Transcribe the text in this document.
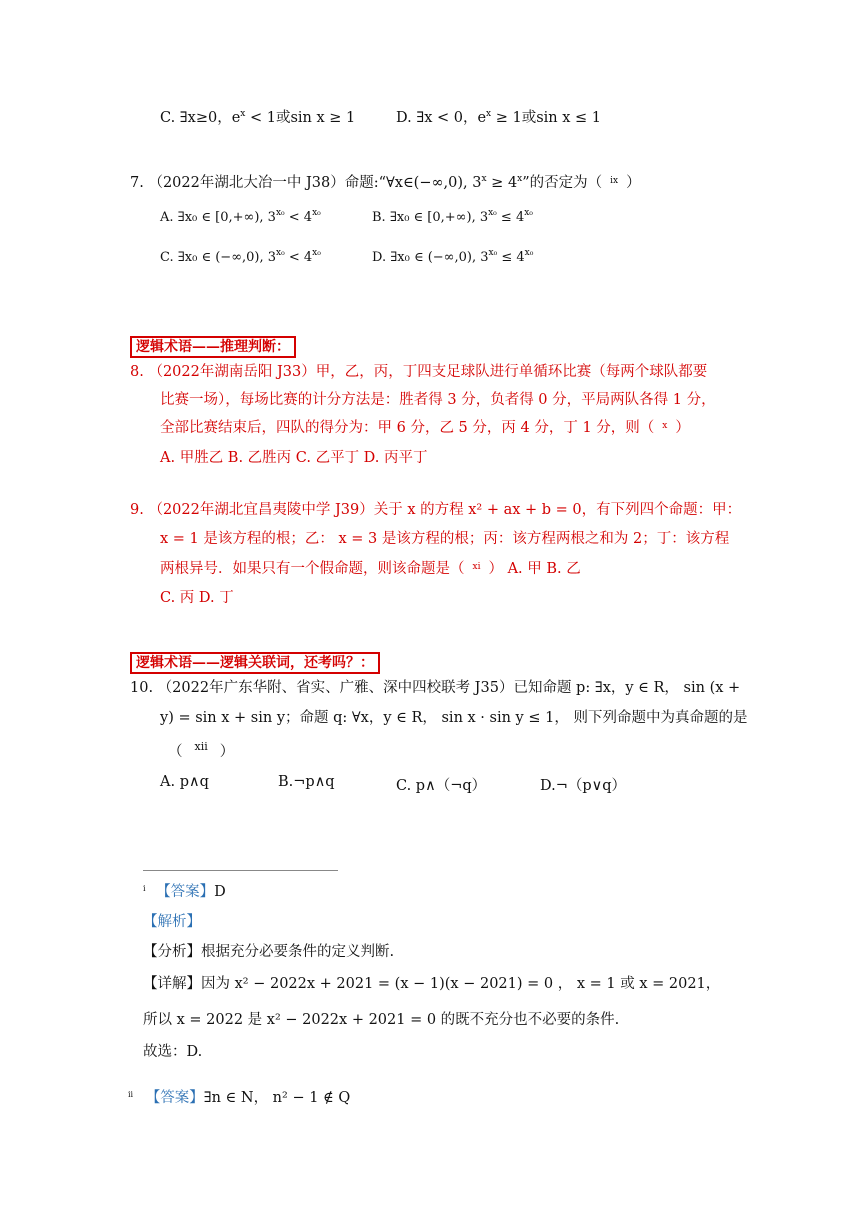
C. ∃x≥0，$e^x < 1$或sin x ≥ 1	D. ∃x < 0，$e^x \ge 1$或sin x ≤ 1
7. （2022年湖北大冶一中 J38）命题:“∀x∈(−∞,0), $3^x \ge 4^x$”的否定为（ $^{ix}$ ）
A. ∃x₀ ∈ [0,+∞), $3^{x_0} < 4^{x_0}$	B. ∃x₀ ∈ [0,+∞), $3^{x_0} \le 4^{x_0}$
C. ∃x₀ ∈ (−∞,0), $3^{x_0} < 4^{x_0}$	D. ∃x₀ ∈ (−∞,0), $3^{x_0} \le 4^{x_0}$
逻辑术语——推理判断：
8. （2022年湖南岳阳 J33）甲，乙，丙，丁四支足球队进行单循环比赛（每两个球队都要
比赛一场），每场比赛的计分方法是：胜者得 3 分，负者得 0 分，平局两队各得 1 分，
全部比赛结束后，四队的得分为：甲 6 分，乙 5 分，丙 4 分，丁 1 分，则（ $^x$ ）
A. 甲胜乙 B. 乙胜丙 C. 乙平丁 D. 丙平丁
9. （2022年湖北宜昌夷陵中学 J39）关于 x 的方程 x² + ax + b = 0，有下列四个命题：甲：
x = 1 是该方程的根；乙： x = 3 是该方程的根；丙：该方程两根之和为 2；丁：该方程
两根异号．如果只有一个假命题，则该命题是（ $^{xi}$ ） A. 甲 B. 乙
C. 丙 D. 丁
逻辑术语——逻辑关联词，还考吗？：
10. （2022年广东华附、省实、广雅、深中四校联考 J35）已知命题 p: ∃x，y ∈ R， sin (x +
y) = sin x + sin y；命题 q: ∀x，y ∈ R， sin x · sin y ≤ 1， 则下列命题中为真命题的是
（ $^{xii}$ ）
A. p∧q	B.¬p∧q	C. p∧（¬q）	D.¬（p∨q）
$^i$ 【答案】D
【解析】
【分析】根据充分必要条件的定义判断.
【详解】因为 x² − 2022x + 2021 = (x − 1)(x − 2021) = 0 ， x = 1 或 x = 2021，
所以 x = 2022 是 x² − 2022x + 2021 = 0 的既不充分也不必要的条件.
故选：D.
$^{ii}$ 【答案】∃n ∈ N， n² − 1 ∉ Q
